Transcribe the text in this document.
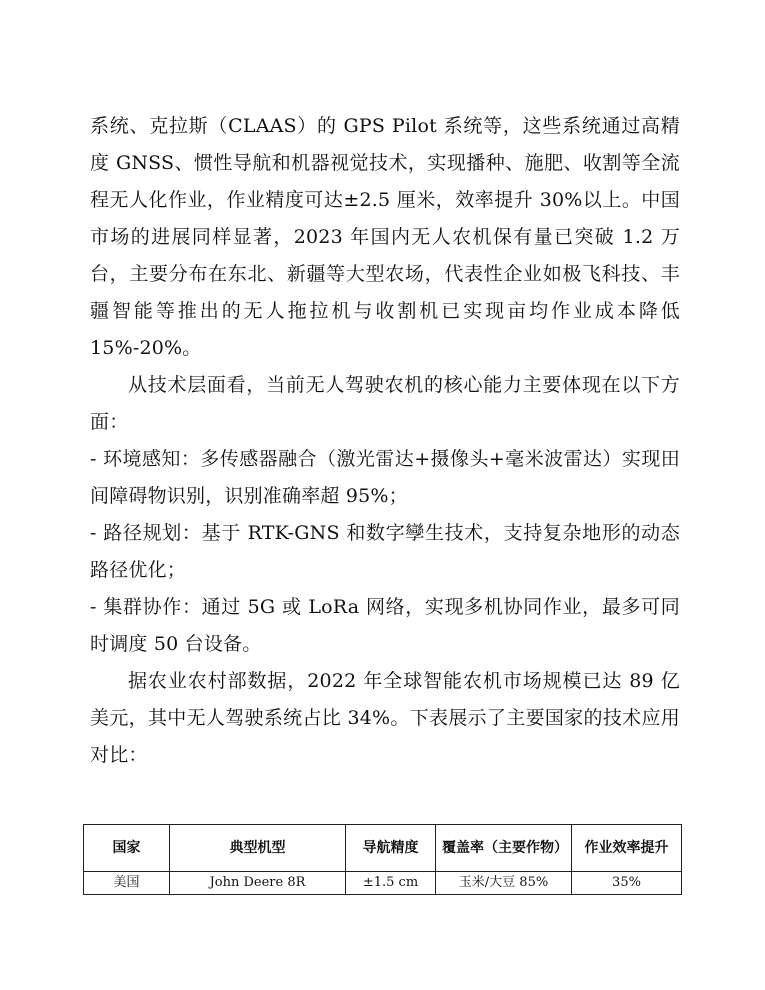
系统、克拉斯（CLAAS）的 GPS Pilot 系统等，这些系统通过高精度 GNSS、惯性导航和机器视觉技术，实现播种、施肥、收割等全流程无人化作业，作业精度可达±2.5 厘米，效率提升 30%以上。中国市场的进展同样显著，2023 年国内无人农机保有量已突破 1.2 万台，主要分布在东北、新疆等大型农场，代表性企业如极飞科技、丰疆智能等推出的无人拖拉机与收割机已实现亩均作业成本降低 15%-20%。

从技术层面看，当前无人驾驶农机的核心能力主要体现在以下方面：

- 环境感知：多传感器融合（激光雷达+摄像头+毫米波雷达）实现田间障碍物识别，识别准确率超 95%；

- 路径规划：基于 RTK-GNS 和数字孿生技术，支持复杂地形的动态路径优化；

- 集群协作：通过 5G 或 LoRa 网络，实现多机协同作业，最多可同时调度 50 台设备。

据农业农村部数据，2022 年全球智能农机市场规模已达 89 亿美元，其中无人驾驶系统占比 34%。下表展示了主要国家的技术应用对比：

国家	典型机型	导航精度	覆盖率（主要作物）	作业效率提升
美国	John Deere 8R	±1.5 cm	玉米/大豆 85%	35%
